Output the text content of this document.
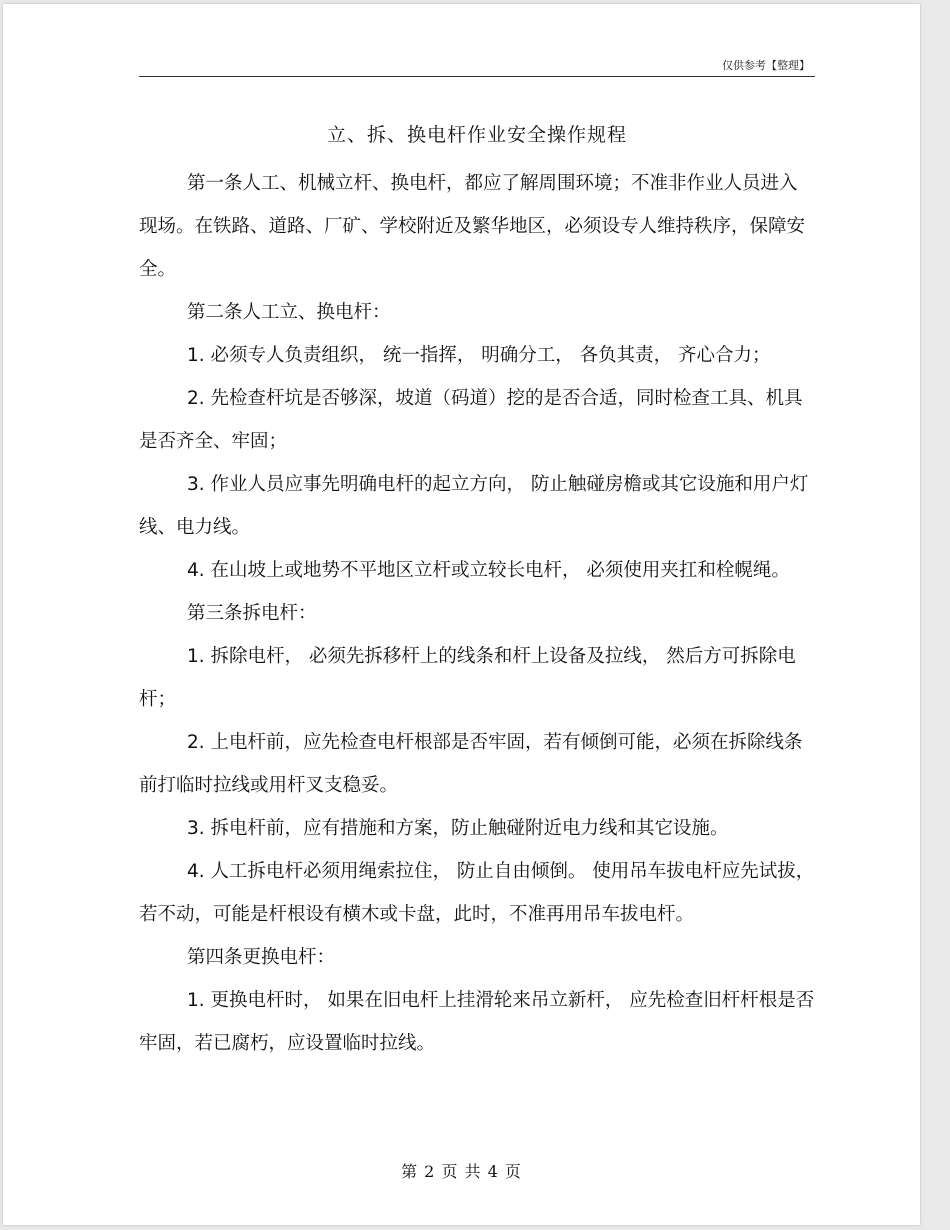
仅供参考【整理】
立、拆、换电杆作业安全操作规程

第一条人工、机械立杆、换电杆，都应了解周围环境；不准非作业人员进入现场。在铁路、道路、厂矿、学校附近及繁华地区，必须设专人维持秩序，保障安全。

第二条人工立、换电杆：

1. 必须专人负责组织， 统一指挥， 明确分工， 各负其责， 齐心合力；

2. 先检查杆坑是否够深，坡道（码道）挖的是否合适，同时检查工具、机具是否齐全、牢固；

3. 作业人员应事先明确电杆的起立方向， 防止触碰房檐或其它设施和用户灯线、电力线。

4. 在山坡上或地势不平地区立杆或立较长电杆， 必须使用夹扛和栓幌绳。

第三条拆电杆：

1. 拆除电杆， 必须先拆移杆上的线条和杆上设备及拉线， 然后方可拆除电杆；

2. 上电杆前，应先检查电杆根部是否牢固，若有倾倒可能，必须在拆除线条前打临时拉线或用杆叉支稳妥。

3. 拆电杆前，应有措施和方案，防止触碰附近电力线和其它设施。

4. 人工拆电杆必须用绳索拉住， 防止自由倾倒。 使用吊车拔电杆应先试拔，若不动，可能是杆根设有横木或卡盘，此时，不准再用吊车拔电杆。

第四条更换电杆：

1. 更换电杆时， 如果在旧电杆上挂滑轮来吊立新杆， 应先检查旧杆杆根是否牢固，若已腐朽，应设置临时拉线。

第 2 页 共 4 页
